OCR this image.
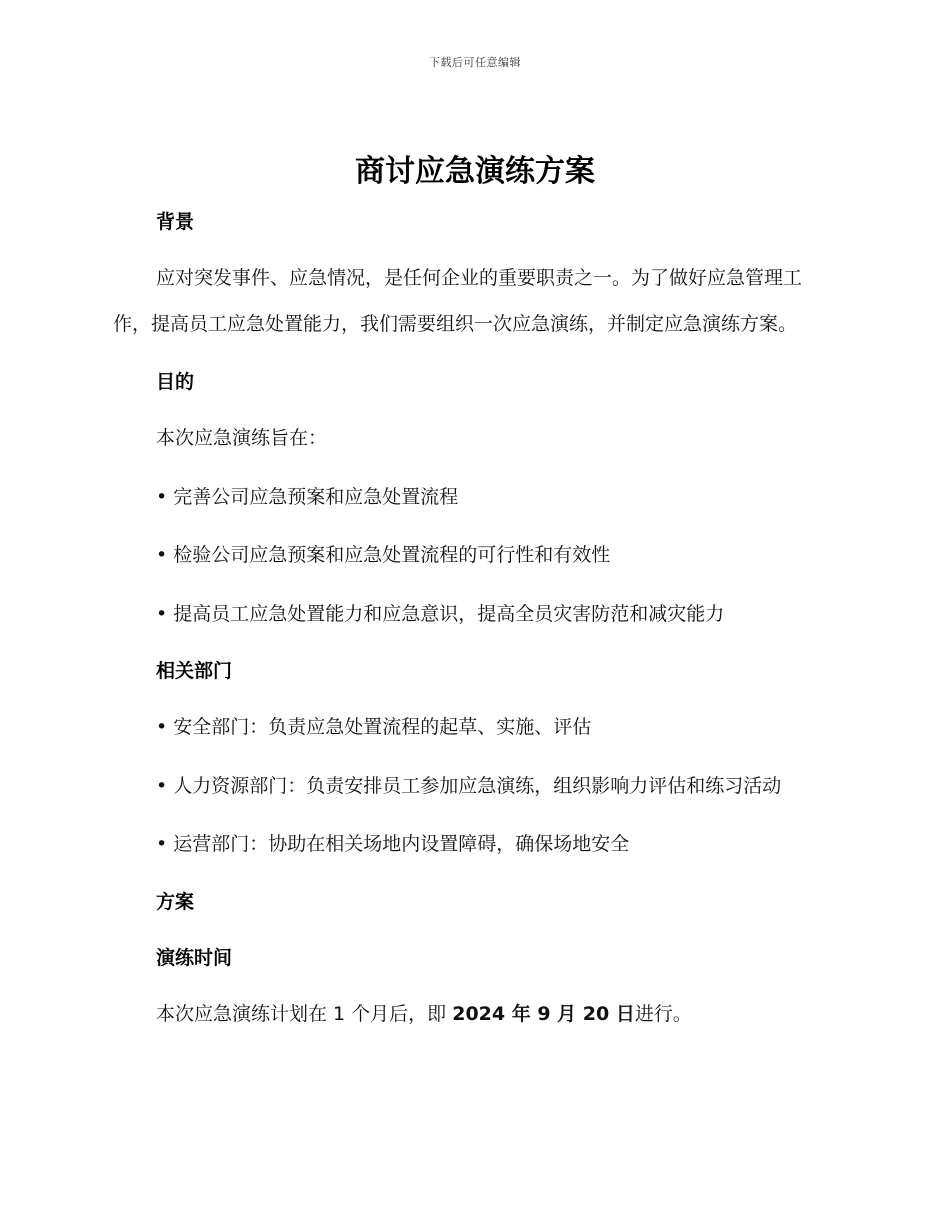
下载后可任意编辑
商讨应急演练方案
背景

应对突发事件、应急情况，是任何企业的重要职责之一。为了做好应急管理工作，提高员工应急处置能力，我们需要组织一次应急演练，并制定应急演练方案。

目的

本次应急演练旨在：

• 完善公司应急预案和应急处置流程

• 检验公司应急预案和应急处置流程的可行性和有效性

• 提高员工应急处置能力和应急意识，提高全员灾害防范和减灾能力

相关部门

• 安全部门：负责应急处置流程的起草、实施、评估

• 人力资源部门：负责安排员工参加应急演练，组织影响力评估和练习活动

• 运营部门：协助在相关场地内设置障碍，确保场地安全

方案
演练时间

本次应急演练计划在 1 个月后，即 2024 年 9 月 20 日进行。
